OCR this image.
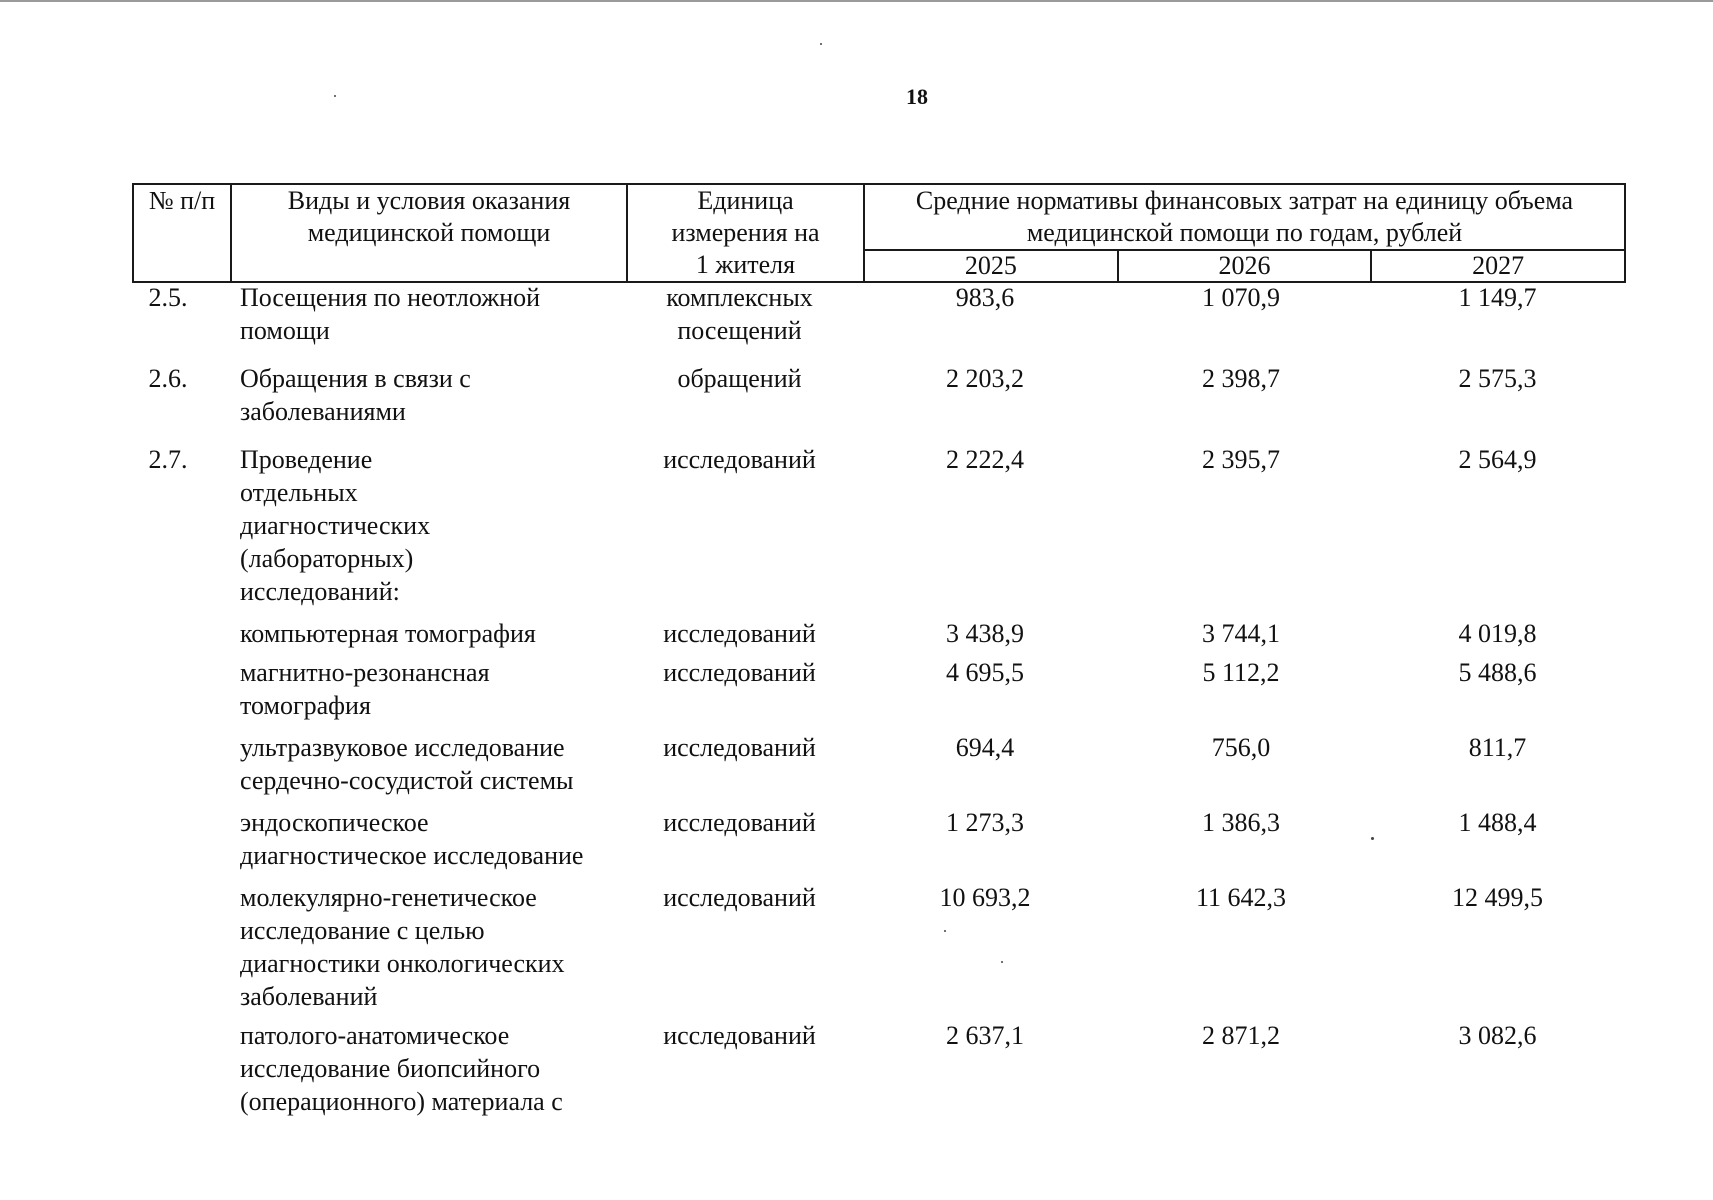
18
№ п/п	Виды и условия оказания медицинской помощи	Единица измерения на 1 жителя	Средние нормативы финансовых затрат на единицу объема медицинской помощи по годам, рублей		
			2025	2026	2027
2.5.	Посещения по неотложной помощи	комплексных посещений	983,6	1 070,9	1 149,7
2.6.	Обращения в связи с заболеваниями	обращений	2 203,2	2 398,7	2 575,3
2.7.	Проведение отдельных диагностических (лабораторных) исследований:	исследований	2 222,4	2 395,7	2 564,9
	компьютерная томография	исследований	3 438,9	3 744,1	4 019,8
	магнитно-резонансная томография	исследований	4 695,5	5 112,2	5 488,6
	ультразвуковое исследование сердечно-сосудистой системы	исследований	694,4	756,0	811,7
	эндоскопическое диагностическое исследование	исследований	1 273,3	1 386,3	1 488,4
	молекулярно-генетическое исследование с целью диагностики онкологических заболеваний	исследований	10 693,2	11 642,3	12 499,5
	патолого-анатомическое исследование биопсийного (операционного) материала с	исследований	2 637,1	2 871,2	3 082,6
